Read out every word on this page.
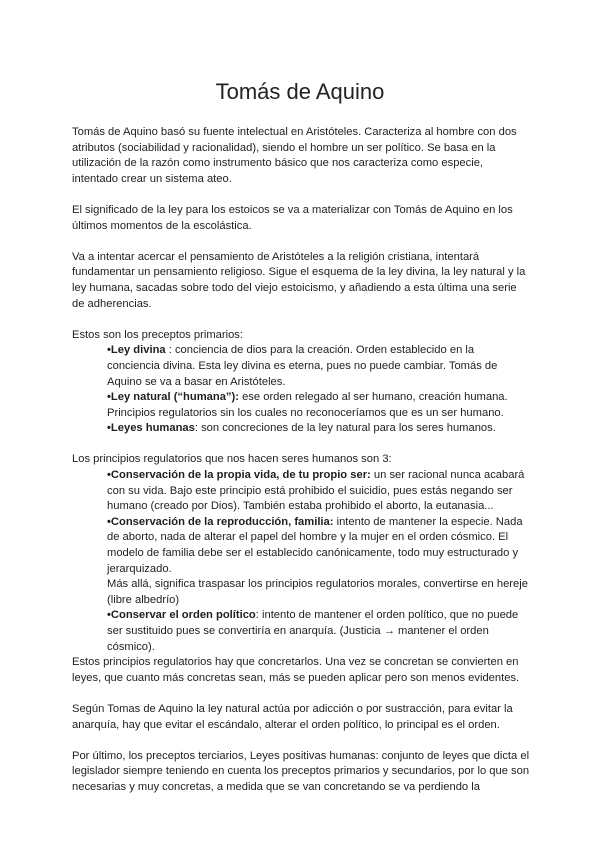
Tomás de Aquino

Tomás de Aquino basó su fuente intelectual en Aristóteles. Caracteriza al hombre con dos atributos (sociabilidad y racionalidad), siendo el hombre un ser político. Se basa en la utilización de la razón como instrumento básico que nos caracteriza como especie, intentado crear un sistema ateo.

El significado de la ley para los estoicos se va a materializar con Tomás de Aquino en los últimos momentos de la escolástica.

Va a intentar acercar el pensamiento de Aristóteles a la religión cristiana, intentará fundamentar un pensamiento religioso. Sigue el esquema de la ley divina, la ley natural y la ley humana, sacadas sobre todo del viejo estoicismo, y añadiendo a esta última una serie de adherencias.

Estos son los preceptos primarios:

•Ley divina : conciencia de dios para la creación. Orden establecido en la conciencia divina. Esta ley divina es eterna, pues no puede cambiar. Tomás de Aquino se va a basar en Aristóteles.
•Ley natural (“humana”): ese orden relegado al ser humano, creación humana. Principios regulatorios sin los cuales no reconoceríamos que es un ser humano.
•Leyes humanas: son concreciones de la ley natural para los seres humanos.

Los principios regulatorios que nos hacen seres humanos son 3:

•Conservación de la propia vida, de tu propio ser: un ser racional nunca acabará con su vida. Bajo este principio está prohibido el suicidio, pues estás negando ser humano (creado por Dios). También estaba prohibido el aborto, la eutanasia...
•Conservación de la reproducción, familia: intento de mantener la especie. Nada de aborto, nada de alterar el papel del hombre y la mujer en el orden cósmico. El modelo de familia debe ser el establecido canónicamente, todo muy estructurado y jerarquizado.
Más allá, significa traspasar los principios regulatorios morales, convertirse en hereje (libre albedrío)
•Conservar el orden político: intento de mantener el orden político, que no puede ser sustituido pues se convertiría en anarquía. (Justicia → mantener el orden cósmico).

Estos principios regulatorios hay que concretarlos. Una vez se concretan se convierten en leyes, que cuanto más concretas sean, más se pueden aplicar pero son menos evidentes.

Según Tomas de Aquino la ley natural actúa por adicción o por sustracción, para evitar la anarquía, hay que evitar el escándalo, alterar el orden político, lo principal es el orden.

Por último, los preceptos terciarios, Leyes positivas humanas: conjunto de leyes que dicta el legislador siempre teniendo en cuenta los preceptos primarios y secundarios, por lo que son necesarias y muy concretas, a medida que se van concretando se va perdiendo la
